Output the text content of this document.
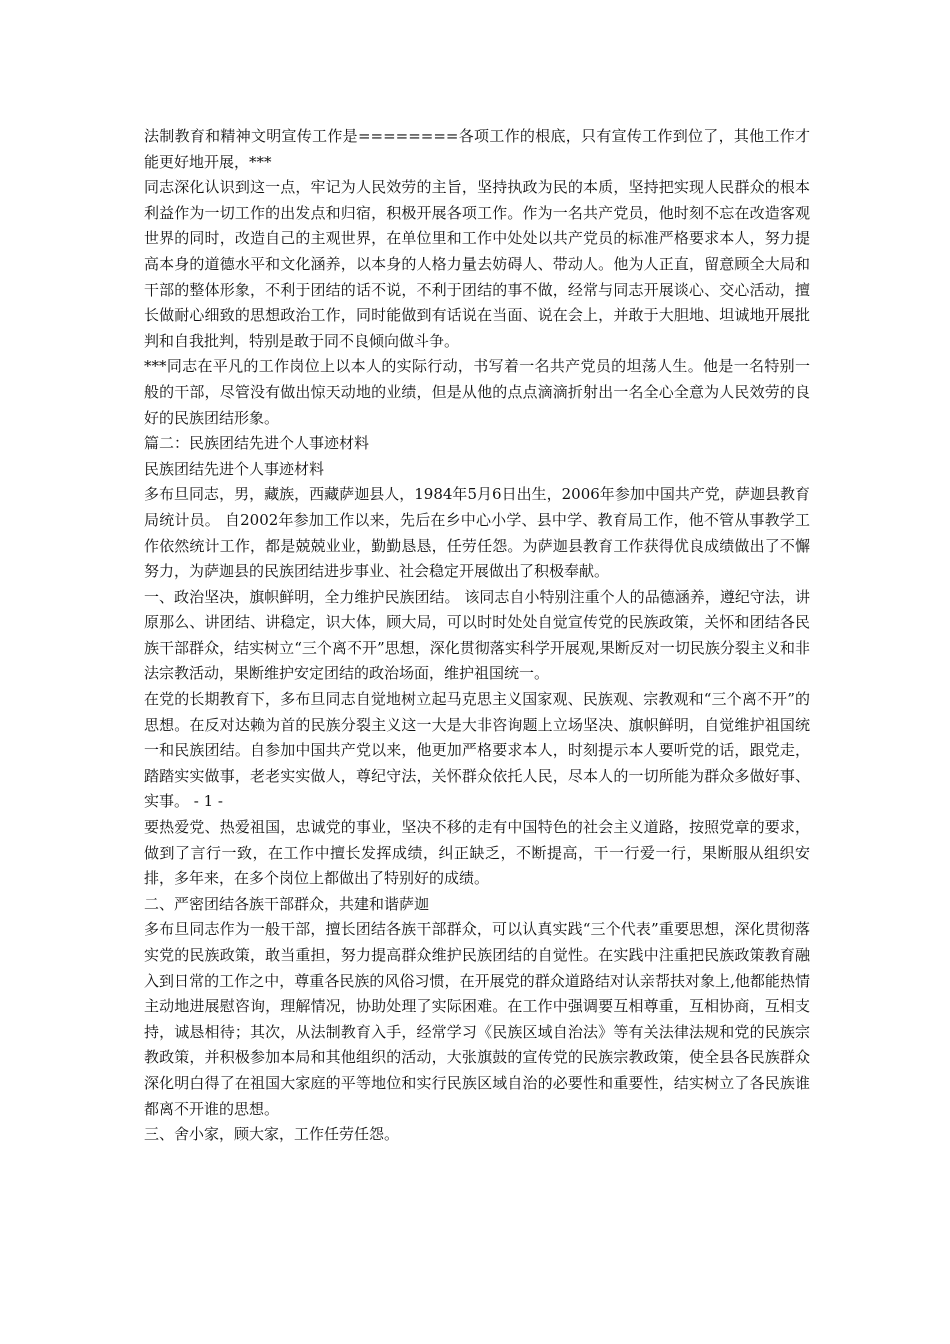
法制教育和精神文明宣传工作是========各项工作的根底，只有宣传工作到位了，其他工作才能更好地开展，***

同志深化认识到这一点，牢记为人民效劳的主旨，坚持执政为民的本质，坚持把实现人民群众的根本利益作为一切工作的出发点和归宿，积极开展各项工作。作为一名共产党员，他时刻不忘在改造客观世界的同时，改造自己的主观世界，在单位里和工作中处处以共产党员的标准严格要求本人，努力提高本身的道德水平和文化涵养，以本身的人格力量去妨碍人、带动人。他为人正直，留意顾全大局和干部的整体形象，不利于团结的话不说，不利于团结的事不做，经常与同志开展谈心、交心活动，擅长做耐心细致的思想政治工作，同时能做到有话说在当面、说在会上，并敢于大胆地、坦诚地开展批判和自我批判，特别是敢于同不良倾向做斗争。

***同志在平凡的工作岗位上以本人的实际行动，书写着一名共产党员的坦荡人生。他是一名特别一般的干部，尽管没有做出惊天动地的业绩，但是从他的点点滴滴折射出一名全心全意为人民效劳的良好的民族团结形象。

篇二：民族团结先进个人事迹材料

民族团结先进个人事迹材料

多布旦同志，男，藏族，西藏萨迦县人，1984年5月6日出生，2006年参加中国共产党，萨迦县教育局统计员。 自2002年参加工作以来，先后在乡中心小学、县中学、教育局工作，他不管从事教学工作依然统计工作，都是兢兢业业，勤勤恳恳，任劳任怨。为萨迦县教育工作获得优良成绩做出了不懈努力，为萨迦县的民族团结进步事业、社会稳定开展做出了积极奉献。

一、政治坚决，旗帜鲜明，全力维护民族团结。 该同志自小特别注重个人的品德涵养，遵纪守法，讲原那么、讲团结、讲稳定，识大体，顾大局，可以时时处处自觉宣传党的民族政策，关怀和团结各民族干部群众，结实树立“三个离不开”思想，深化贯彻落实科学开展观,果断反对一切民族分裂主义和非法宗教活动，果断维护安定团结的政治场面，维护祖国统一。

在党的长期教育下，多布旦同志自觉地树立起马克思主义国家观、民族观、宗教观和“三个离不开”的思想。在反对达赖为首的民族分裂主义这一大是大非咨询题上立场坚决、旗帜鲜明，自觉维护祖国统一和民族团结。自参加中国共产党以来，他更加严格要求本人，时刻提示本人要听党的话，跟党走，踏踏实实做事，老老实实做人，尊纪守法，关怀群众依托人民，尽本人的一切所能为群众多做好事、实事。 - 1 -

要热爱党、热爱祖国，忠诚党的事业，坚决不移的走有中国特色的社会主义道路，按照党章的要求，做到了言行一致，在工作中擅长发挥成绩，纠正缺乏，不断提高，干一行爱一行，果断服从组织安排，多年来，在多个岗位上都做出了特别好的成绩。

二、严密团结各族干部群众，共建和谐萨迦

多布旦同志作为一般干部，擅长团结各族干部群众，可以认真实践“三个代表”重要思想，深化贯彻落实党的民族政策，敢当重担，努力提高群众维护民族团结的自觉性。在实践中注重把民族政策教育融入到日常的工作之中，尊重各民族的风俗习惯，在开展党的群众道路结对认亲帮扶对象上,他都能热情主动地进展慰咨询，理解情况，协助处理了实际困难。在工作中强调要互相尊重，互相协商，互相支持，诚恳相待；其次，从法制教育入手，经常学习《民族区域自治法》等有关法律法规和党的民族宗教政策，并积极参加本局和其他组织的活动，大张旗鼓的宣传党的民族宗教政策，使全县各民族群众深化明白得了在祖国大家庭的平等地位和实行民族区域自治的必要性和重要性，结实树立了各民族谁都离不开谁的思想。

三、舍小家，顾大家，工作任劳任怨。
